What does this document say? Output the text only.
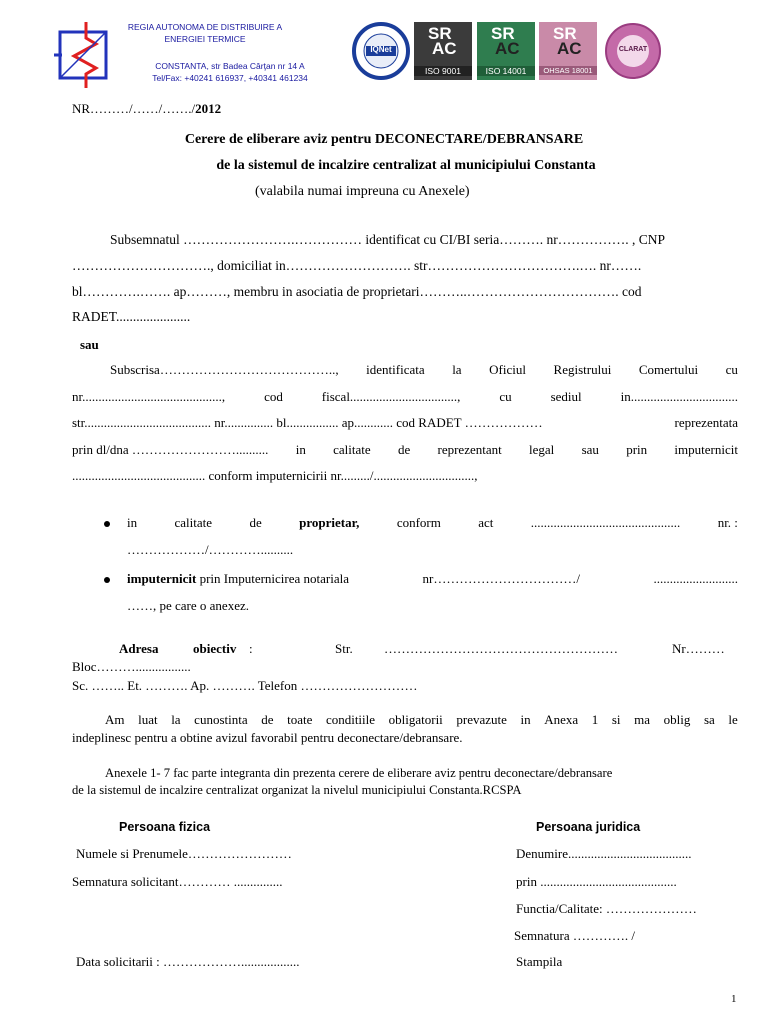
REGIA AUTONOMA DE DISTRIBUIRE A
ENERGIEI TERMICE
CONSTANTA, str Badea Cârţan nr 14 A
Tel/Fax: +40241 616937, +40341 461234
IQNet
SR
AC
ISO 9001
SR
AC
ISO 14001
SR
AC
OHSAS 18001
CLARAT
NR………/……/……./2012
Cerere de eliberare aviz pentru DECONECTARE/DEBRANSARE
de la sistemul de incalzire centralizat al municipiului Constanta
(valabila numai impreuna cu Anexele)
Subsemnatul …………………….…………… identificat cu CI/BI seria………. nr……………. , CNP
…………………………., domiciliat in………………………. str…………………………….…. nr…….
bl………….……. ap………, membru in asociatia de proprietari………..……………………………. cod
RADET......................
sau
Subscrisa………………………………….., identificata la Oficiul Registrului Comertului cu
nr...........................................,	cod	fiscal.................................,	cu	sediul	in.................................
str....................................... nr............... bl................ ap............ cod RADET ………………	reprezentata
prin dl/dna …………………….......... in calitate de reprezentant legal sau prin imputernicit
......................................... conform imputernicirii nr........./...............................,
in	calitate	de	proprietar,	conform	act	..............................................	nr. :
………………/…………..........
imputernicit prin Imputernicirea notariala	nr……………………………/	..........................
……, pe care o anexez.
Adresa	obiectiv :	Str. ………………………………………………	Nr………
Bloc……….................
Sc. …….. Et. ………. Ap. ………. Telefon ………………………
Am luat la cunostinta de toate conditiile obligatorii prevazute in Anexa 1 si ma oblig sa le
indeplinesc pentru a obtine avizul favorabil pentru deconectare/debransare.
Anexele 1- 7 fac parte integranta din prezenta cerere de eliberare aviz pentru deconectare/debransare
de la sistemul de incalzire centralizat organizat la nivelul municipiului Constanta.RCSPA
Persoana fizica
Numele si Prenumele……………………
Semnatura solicitant………… ...............
Data solicitarii : ………………..................
Persoana juridica
Denumire......................................
prin ..........................................
Functia/Calitate: …………………
Semnatura …………. /
Stampila
1
